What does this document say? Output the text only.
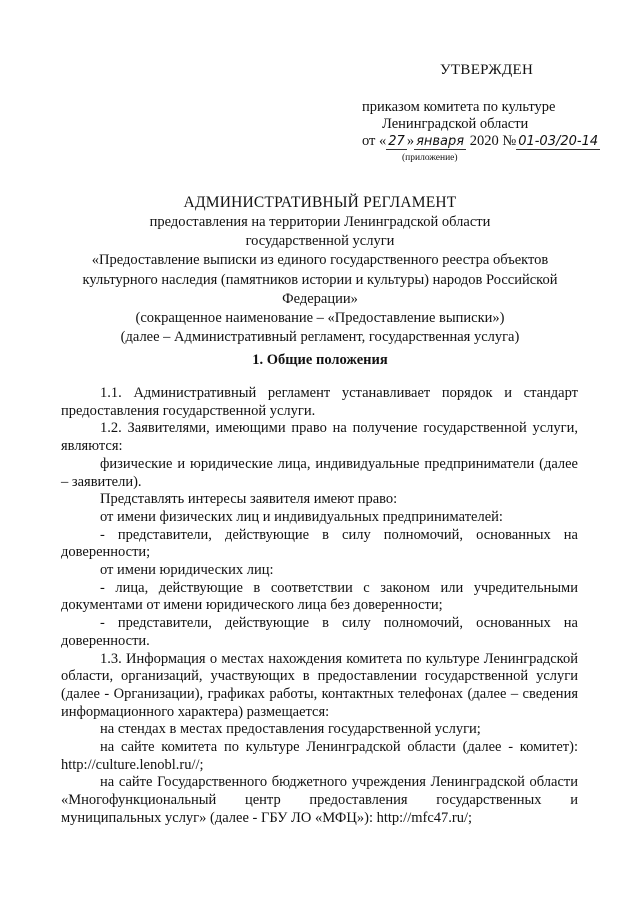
УТВЕРЖДЕН
приказом комитета по культуре
Ленинградской области
от « 27 » января 2020 № 01-03/20-14
(приложение)
АДМИНИСТРАТИВНЫЙ РЕГЛАМЕНТ
предоставления на территории Ленинградской области
государственной услуги
«Предоставление выписки из единого государственного реестра объектов культурного наследия (памятников истории и культуры) народов Российской Федерации»
(сокращенное наименование – «Предоставление выписки»)
(далее – Административный регламент, государственная услуга)
1. Общие положения

1.1. Административный регламент устанавливает порядок и стандарт предоставления государственной услуги.

1.2. Заявителями, имеющими право на получение государственной услуги, являются:

физические и юридические лица, индивидуальные предприниматели (далее – заявители).

Представлять интересы заявителя имеют право:

от имени физических лиц и индивидуальных предпринимателей:

- представители, действующие в силу полномочий, основанных на доверенности;

от имени юридических лиц:

- лица, действующие в соответствии с законом или учредительными документами от имени юридического лица без доверенности;

- представители, действующие в силу полномочий, основанных на доверенности.

1.3. Информация о местах нахождения комитета по культуре Ленинградской области, организаций, участвующих в предоставлении государственной услуги (далее - Организации), графиках работы, контактных телефонах (далее – сведения информационного характера) размещается:

на стендах в местах предоставления государственной услуги;

на сайте комитета по культуре Ленинградской области (далее - комитет): http://culture.lenobl.ru//;

на сайте Государственного бюджетного учреждения Ленинградской области «Многофункциональный центр предоставления государственных и муниципальных услуг» (далее - ГБУ ЛО «МФЦ»): http://mfc47.ru/;
